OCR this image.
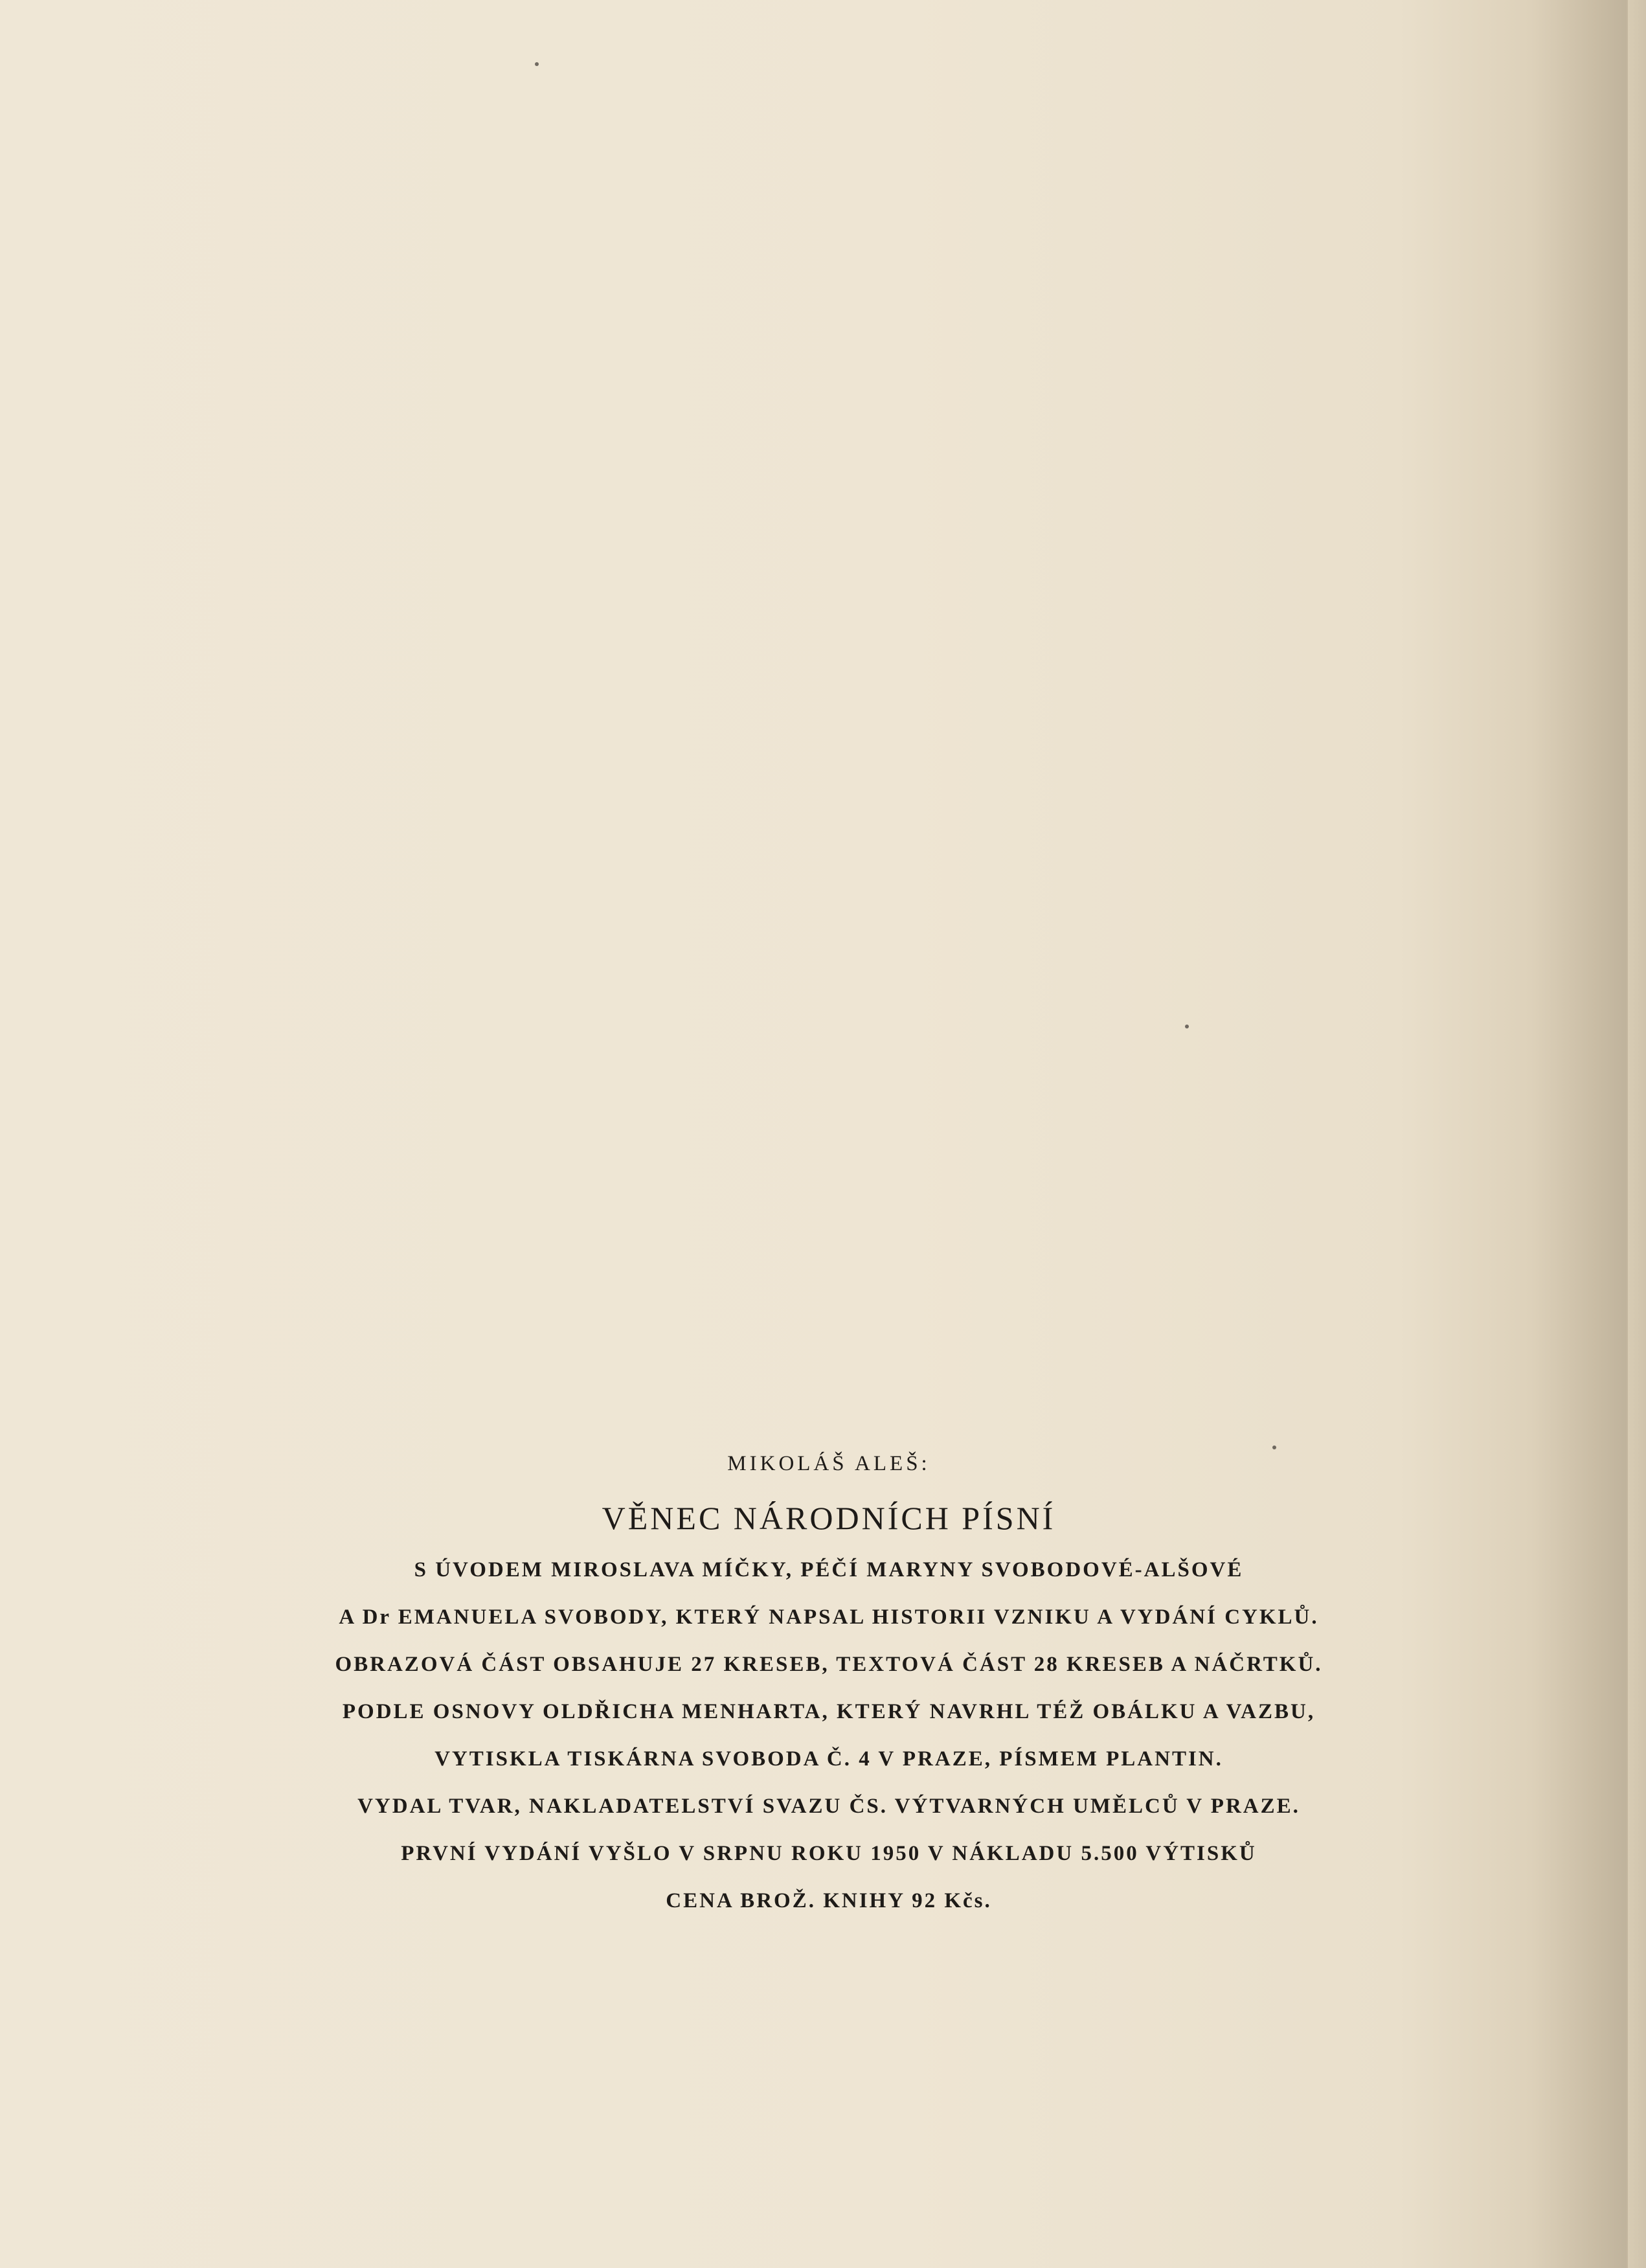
MIKOLÁŠ ALEŠ:
VĚNEC NÁRODNÍCH PÍSNÍ
S ÚVODEM MIROSLAVA MÍČKY, PÉČÍ MARYNY SVOBODOVÉ-ALŠOVÉ
A Dr EMANUELA SVOBODY, KTERÝ NAPSAL HISTORII VZNIKU A VYDÁNÍ CYKLŮ.
OBRAZOVÁ ČÁST OBSAHUJE 27 KRESEB, TEXTOVÁ ČÁST 28 KRESEB A NÁČRTKŮ.
PODLE OSNOVY OLDŘICHA MENHARTA, KTERÝ NAVRHL TÉŽ OBÁLKU A VAZBU,
VYTISKLA TISKÁRNA SVOBODA Č. 4 V PRAZE, PÍSMEM PLANTIN.
VYDAL TVAR, NAKLADATELSTVÍ SVAZU ČS. VÝTVARNÝCH UMĚLCŮ V PRAZE.
PRVNÍ VYDÁNÍ VYŠLO V SRPNU ROKU 1950 V NÁKLADU 5.500 VÝTISKŮ
CENA BROŽ. KNIHY 92 Kčs.
